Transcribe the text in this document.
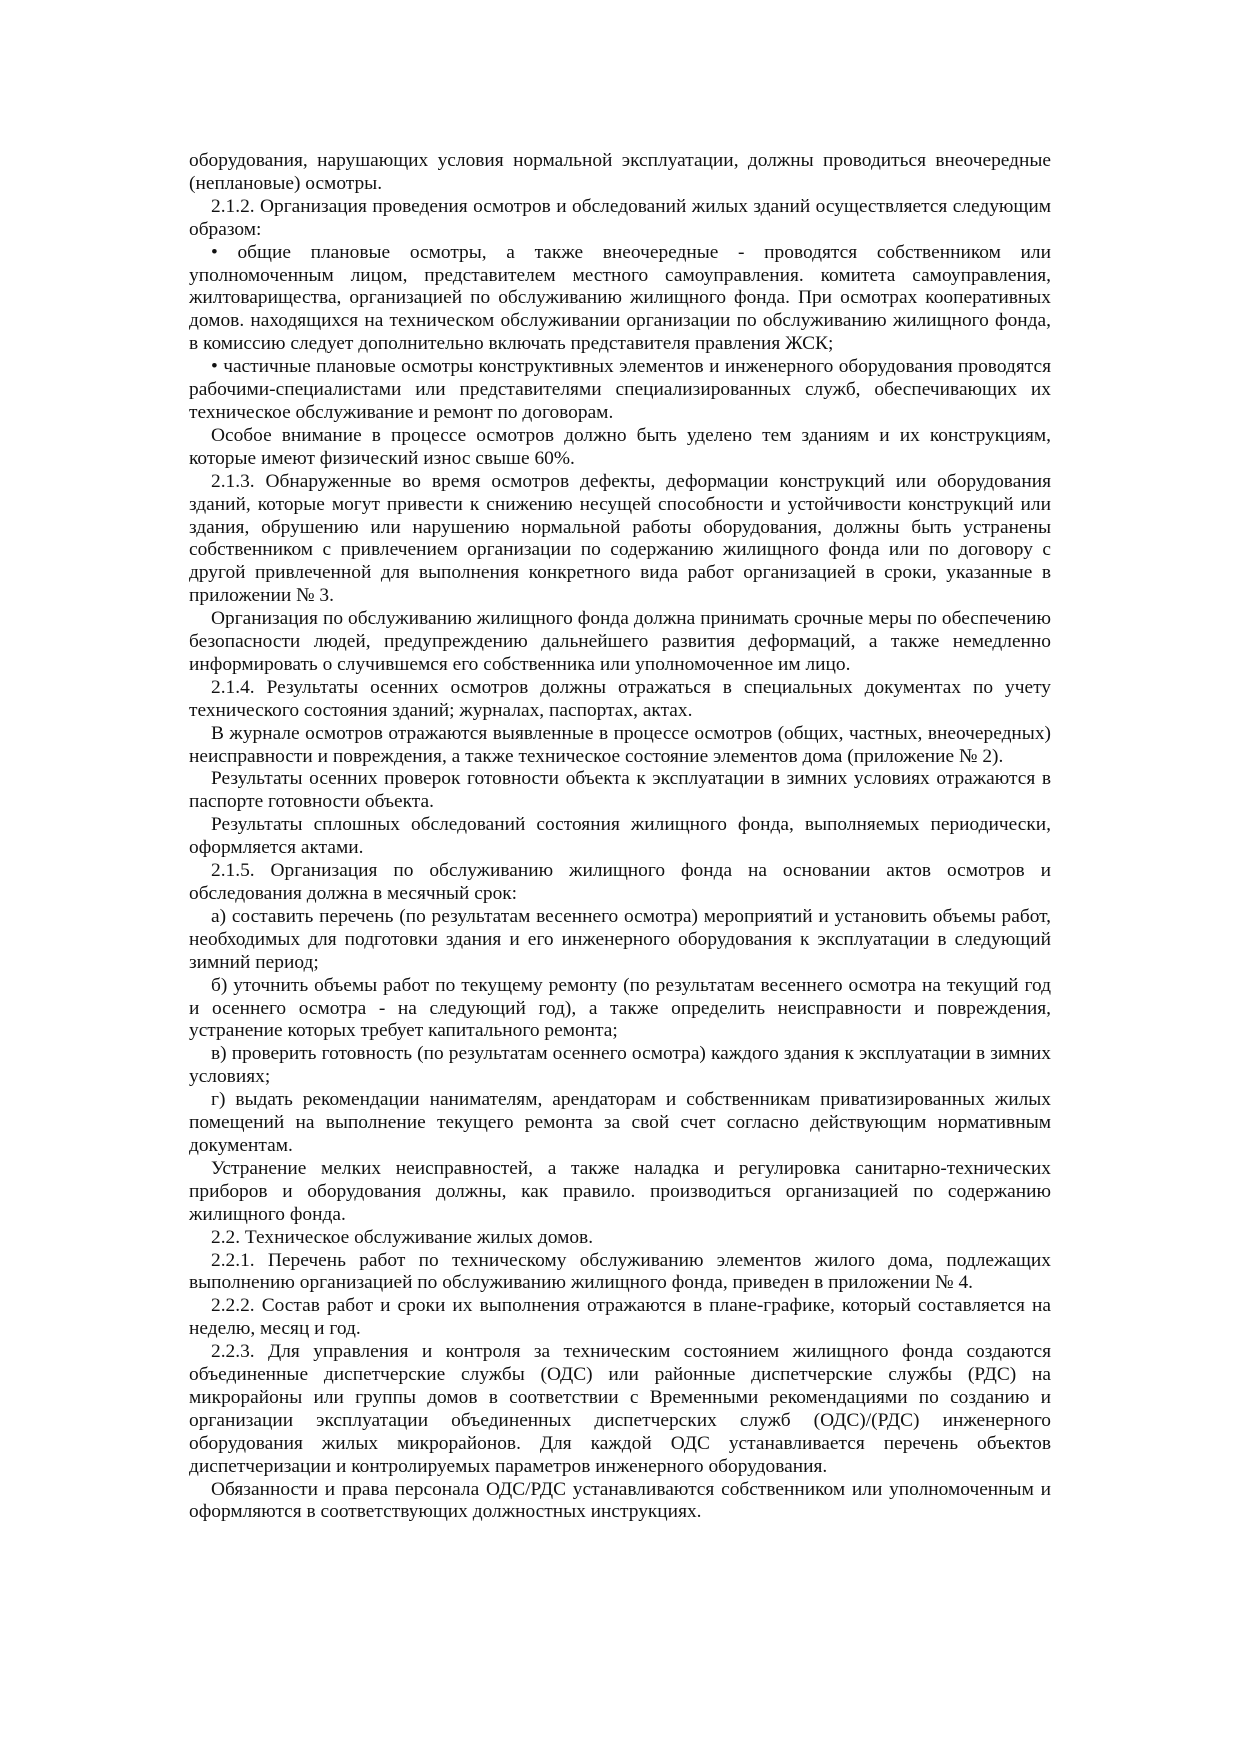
оборудования, нарушающих условия нормальной эксплуатации, должны проводиться внеочередные (неплановые) осмотры.

2.1.2. Организация проведения осмотров и обследований жилых зданий осуществляется следующим образом:

• общие плановые осмотры, а также внеочередные - проводятся собственником или уполномоченным лицом, представителем местного самоуправления. комитета самоуправления, жилтоварищества, организацией по обслуживанию жилищного фонда. При осмотрах кооперативных домов. находящихся на техническом обслуживании организации по обслуживанию жилищного фонда, в комиссию следует дополнительно включать представителя правления ЖСК;

• частичные плановые осмотры конструктивных элементов и инженерного оборудования проводятся рабочими-специалистами или представителями специализированных служб, обеспечивающих их техническое обслуживание и ремонт по договорам.

Особое внимание в процессе осмотров должно быть уделено тем зданиям и их конструкциям, которые имеют физический износ свыше 60%.

2.1.3. Обнаруженные во время осмотров дефекты, деформации конструкций или оборудования зданий, которые могут привести к снижению несущей способности и устойчивости конструкций или здания, обрушению или нарушению нормальной работы оборудования, должны быть устранены собственником с привлечением организации по содержанию жилищного фонда или по договору с другой привлеченной для выполнения конкретного вида работ организацией в сроки, указанные в приложении № 3.

Организация по обслуживанию жилищного фонда должна принимать срочные меры по обеспечению безопасности людей, предупреждению дальнейшего развития деформаций, а также немедленно информировать о случившемся его собственника или уполномоченное им лицо.

2.1.4. Результаты осенних осмотров должны отражаться в специальных документах по учету технического состояния зданий; журналах, паспортах, актах.

В журнале осмотров отражаются выявленные в процессе осмотров (общих, частных, внеочередных) неисправности и повреждения, а также техническое состояние элементов дома (приложение № 2).

Результаты осенних проверок готовности объекта к эксплуатации в зимних условиях отражаются в паспорте готовности объекта.

Результаты сплошных обследований состояния жилищного фонда, выполняемых периодически, оформляется актами.

2.1.5. Организация по обслуживанию жилищного фонда на основании актов осмотров и обследования должна в месячный срок:

а) составить перечень (по результатам весеннего осмотра) мероприятий и установить объемы работ, необходимых для подготовки здания и его инженерного оборудования к эксплуатации в следующий зимний период;

б) уточнить объемы работ по текущему ремонту (по результатам весеннего осмотра на текущий год и осеннего осмотра - на следующий год), а также определить неисправности и повреждения, устранение которых требует капитального ремонта;

в) проверить готовность (по результатам осеннего осмотра) каждого здания к эксплуатации в зимних условиях;

г) выдать рекомендации нанимателям, арендаторам и собственникам приватизированных жилых помещений на выполнение текущего ремонта за свой счет согласно действующим нормативным документам.

Устранение мелких неисправностей, а также наладка и регулировка санитарно-технических приборов и оборудования должны, как правило. производиться организацией по содержанию жилищного фонда.

2.2. Техническое обслуживание жилых домов.

2.2.1. Перечень работ по техническому обслуживанию элементов жилого дома, подлежащих выполнению организацией по обслуживанию жилищного фонда, приведен в приложении № 4.

2.2.2. Состав работ и сроки их выполнения отражаются в плане-графике, который составляется на неделю, месяц и год.

2.2.3. Для управления и контроля за техническим состоянием жилищного фонда создаются объединенные диспетчерские службы (ОДС) или районные диспетчерские службы (РДС) на микрорайоны или группы домов в соответствии с Временными рекомендациями по созданию и организации эксплуатации объединенных диспетчерских служб (ОДС)/(РДС) инженерного оборудования жилых микрорайонов. Для каждой ОДС устанавливается перечень объектов диспетчеризации и контролируемых параметров инженерного оборудования.

Обязанности и права персонала ОДС/РДС устанавливаются собственником или уполномоченным и оформляются в соответствующих должностных инструкциях.
